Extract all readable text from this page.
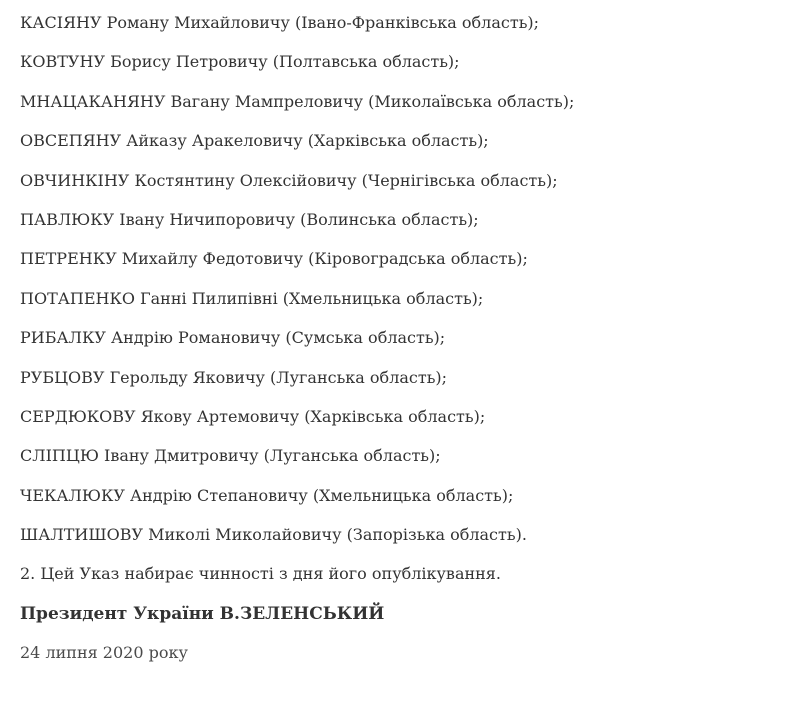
КАСІЯНУ Роману Михайловичу (Івано-Франківська область);

КОВТУНУ Борису Петровичу (Полтавська область);

МНАЦАКАНЯНУ Вагану Мампреловичу (Миколаївська область);

ОВСЕПЯНУ Айказу Аракеловичу (Харківська область);

ОВЧИНКІНУ Костянтину Олексійовичу (Чернігівська область);

ПАВЛЮКУ Івану Ничипоровичу (Волинська область);

ПЕТРЕНКУ Михайлу Федотовичу (Кіровоградська область);

ПОТАПЕНКО Ганні Пилипівні (Хмельницька область);

РИБАЛКУ Андрію Романовичу (Сумська область);

РУБЦОВУ Герольду Яковичу (Луганська область);

СЕРДЮКОВУ Якову Артемовичу (Харківська область);

СЛІПЦЮ Івану Дмитровичу (Луганська область);

ЧЕКАЛЮКУ Андрію Степановичу (Хмельницька область);

ШАЛТИШОВУ Миколі Миколайовичу (Запорізька область).

2. Цей Указ набирає чинності з дня його опублікування.

Президент України В.ЗЕЛЕНСЬКИЙ

24 липня 2020 року
